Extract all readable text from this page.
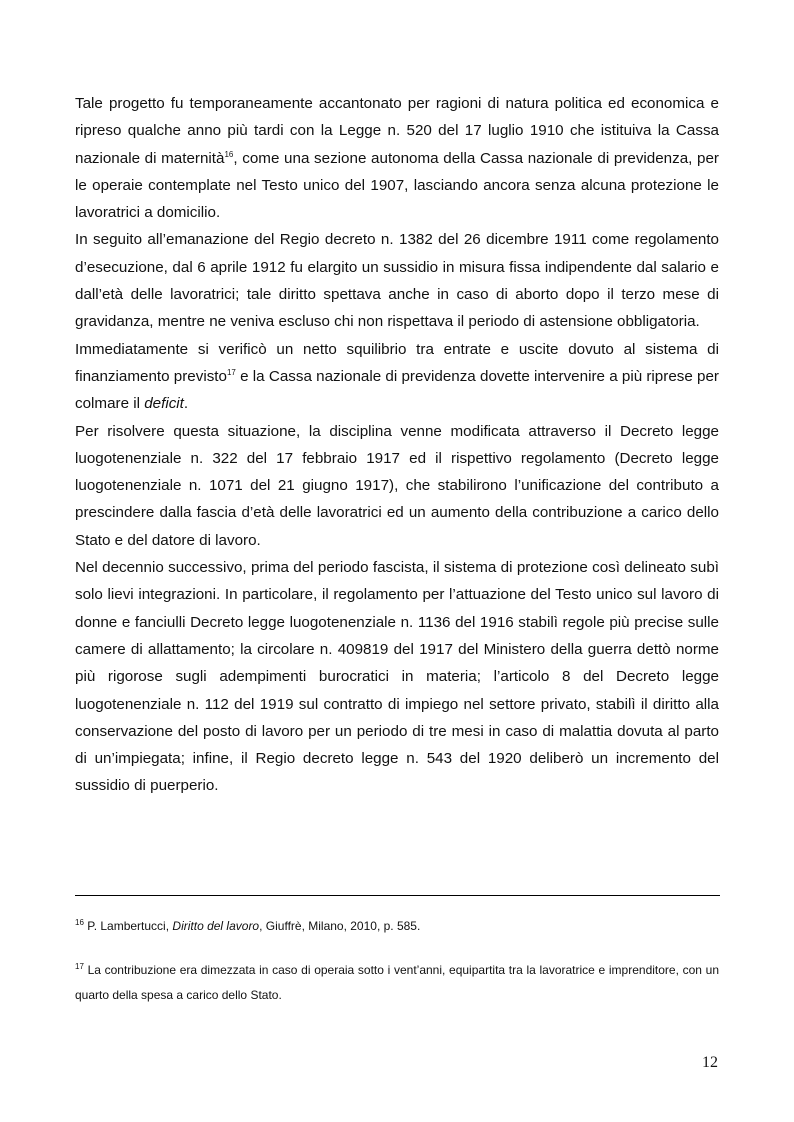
Tale progetto fu temporaneamente accantonato per ragioni di natura politica ed economica e ripreso qualche anno più tardi con la Legge n. 520 del 17 luglio 1910 che istituiva la Cassa nazionale di maternità$^{16}$, come una sezione autonoma della Cassa nazionale di previdenza, per le operaie contemplate nel Testo unico del 1907, lasciando ancora senza alcuna protezione le lavoratrici a domicilio.

In seguito all’emanazione del Regio decreto n. 1382 del 26 dicembre 1911 come regolamento d’esecuzione, dal 6 aprile 1912 fu elargito un sussidio in misura fissa indipendente dal salario e dall’età delle lavoratrici; tale diritto spettava anche in caso di aborto dopo il terzo mese di gravidanza, mentre ne veniva escluso chi non rispettava il periodo di astensione obbligatoria.

Immediatamente si verificò un netto squilibrio tra entrate e uscite dovuto al sistema di finanziamento previsto$^{17}$ e la Cassa nazionale di previdenza dovette intervenire a più riprese per colmare il deficit.

Per risolvere questa situazione, la disciplina venne modificata attraverso il Decreto legge luogotenenziale n. 322 del 17 febbraio 1917 ed il rispettivo regolamento (Decreto legge luogotenenziale n. 1071 del 21 giugno 1917), che stabilirono l’unificazione del contributo a prescindere dalla fascia d’età delle lavoratrici ed un aumento della contribuzione a carico dello Stato e del datore di lavoro.

Nel decennio successivo, prima del periodo fascista, il sistema di protezione così delineato subì solo lievi integrazioni. In particolare, il regolamento per l’attuazione del Testo unico sul lavoro di donne e fanciulli Decreto legge luogotenenziale n. 1136 del 1916 stabilì regole più precise sulle camere di allattamento; la circolare n. 409819 del 1917 del Ministero della guerra dettò norme più rigorose sugli adempimenti burocratici in materia; l’articolo 8 del Decreto legge luogotenenziale n. 112 del 1919 sul contratto di impiego nel settore privato, stabilì il diritto alla conservazione del posto di lavoro per un periodo di tre mesi in caso di malattia dovuta al parto di un’impiegata; infine, il Regio decreto legge n. 543 del 1920 deliberò un incremento del sussidio di puerperio.

$^{16}$ P. Lambertucci, Diritto del lavoro, Giuffrè, Milano, 2010, p. 585.

$^{17}$ La contribuzione era dimezzata in caso di operaia sotto i vent’anni, equipartita tra la lavoratrice e imprenditore, con un quarto della spesa a carico dello Stato.

12
